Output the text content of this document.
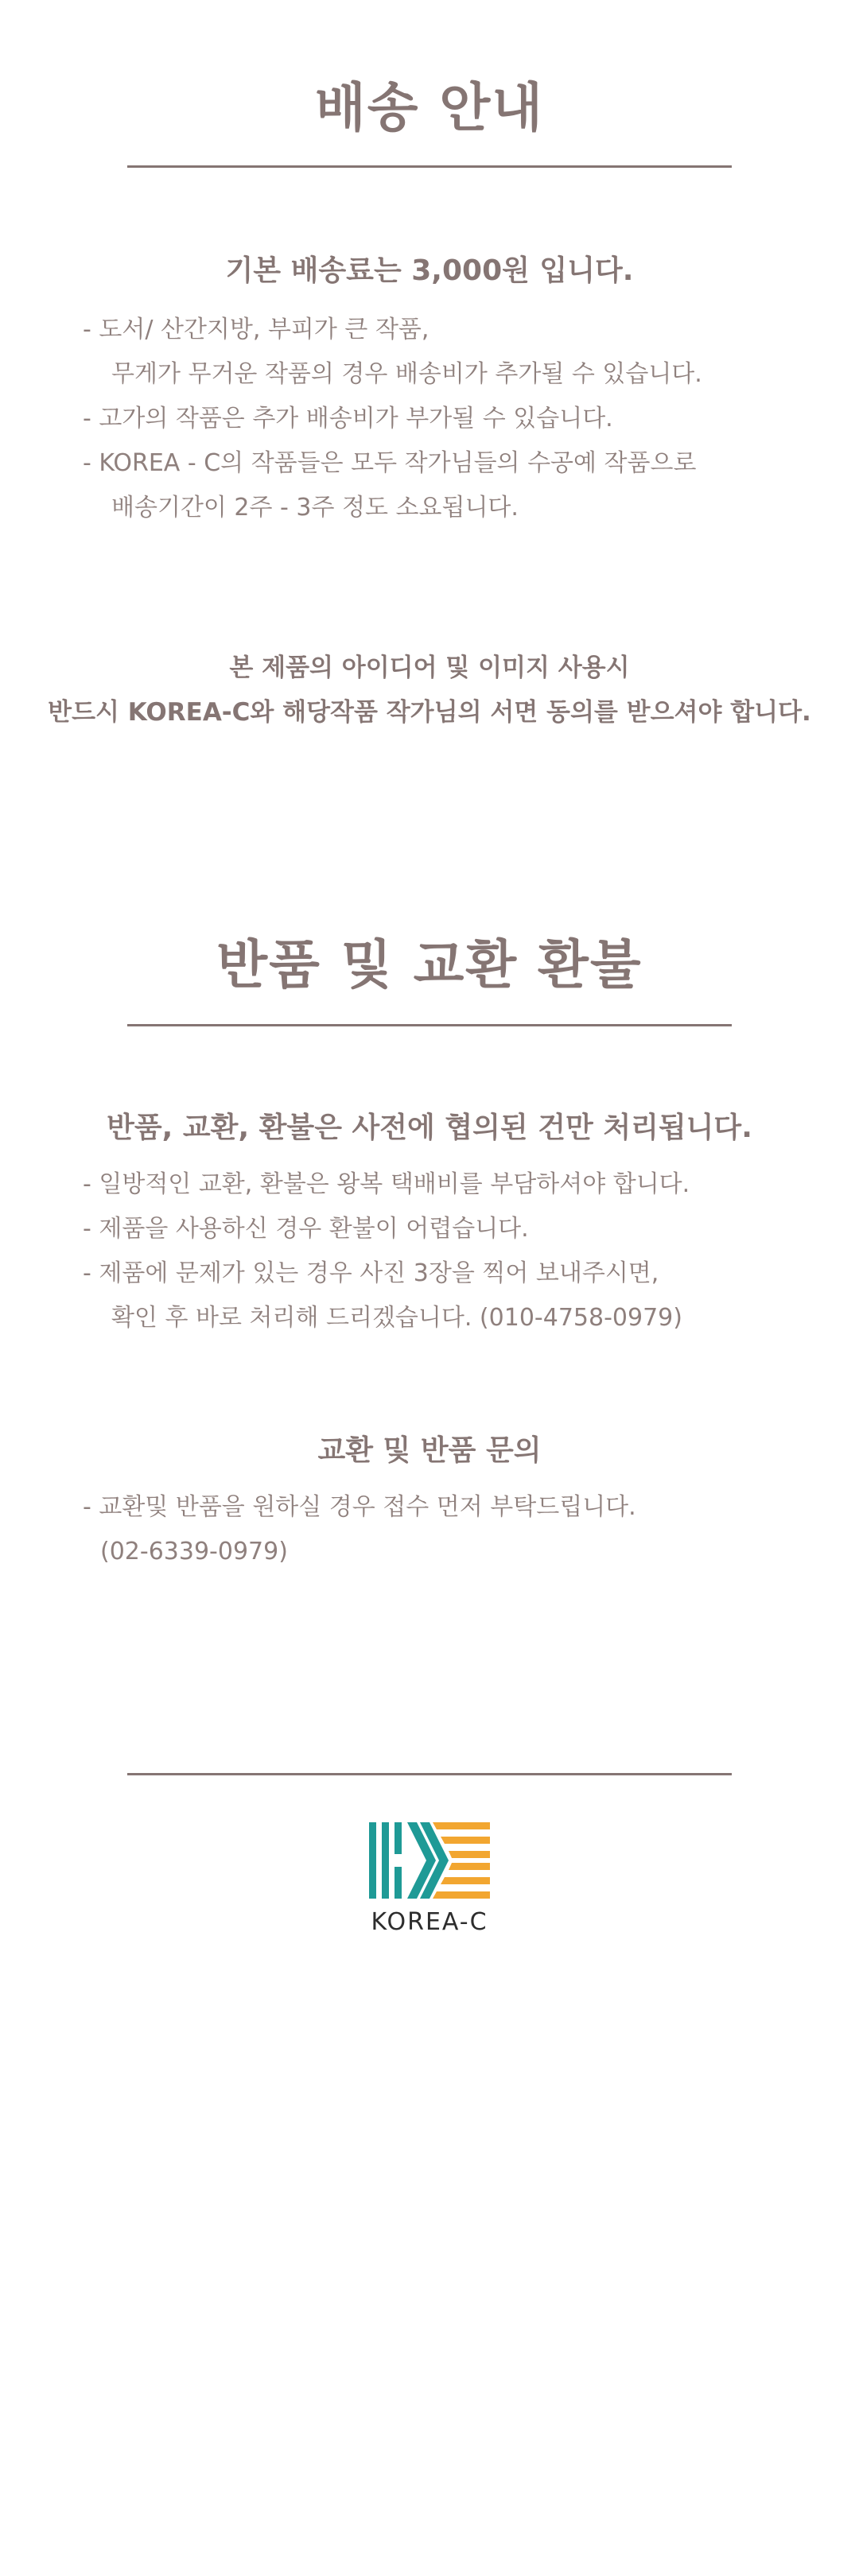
배송 안내
기본 배송료는 3,000원 입니다.

- 도서/ 산간지방, 부피가 큰 작품,

무게가 무거운 작품의 경우 배송비가 추가될 수 있습니다.

- 고가의 작품은 추가 배송비가 부가될 수 있습니다.

- KOREA - C의 작품들은 모두 작가님들의 수공예 작품으로

배송기간이 2주 - 3주 정도 소요됩니다.

본 제품의 아이디어 및 이미지 사용시

반드시 KOREA-C와 해당작품 작가님의 서면 동의를 받으셔야 합니다.

반품 및 교환 환불
반품, 교환, 환불은 사전에 협의된 건만 처리됩니다.

- 일방적인 교환, 환불은 왕복 택배비를 부담하셔야 합니다.

- 제품을 사용하신 경우 환불이 어렵습니다.

- 제품에 문제가 있는 경우 사진 3장을 찍어 보내주시면,

확인 후 바로 처리해 드리겠습니다. (010-4758-0979)

교환 및 반품 문의

- 교환및 반품을 원하실 경우 접수 먼저 부탁드립니다.

(02-6339-0979)

KOREA-C
